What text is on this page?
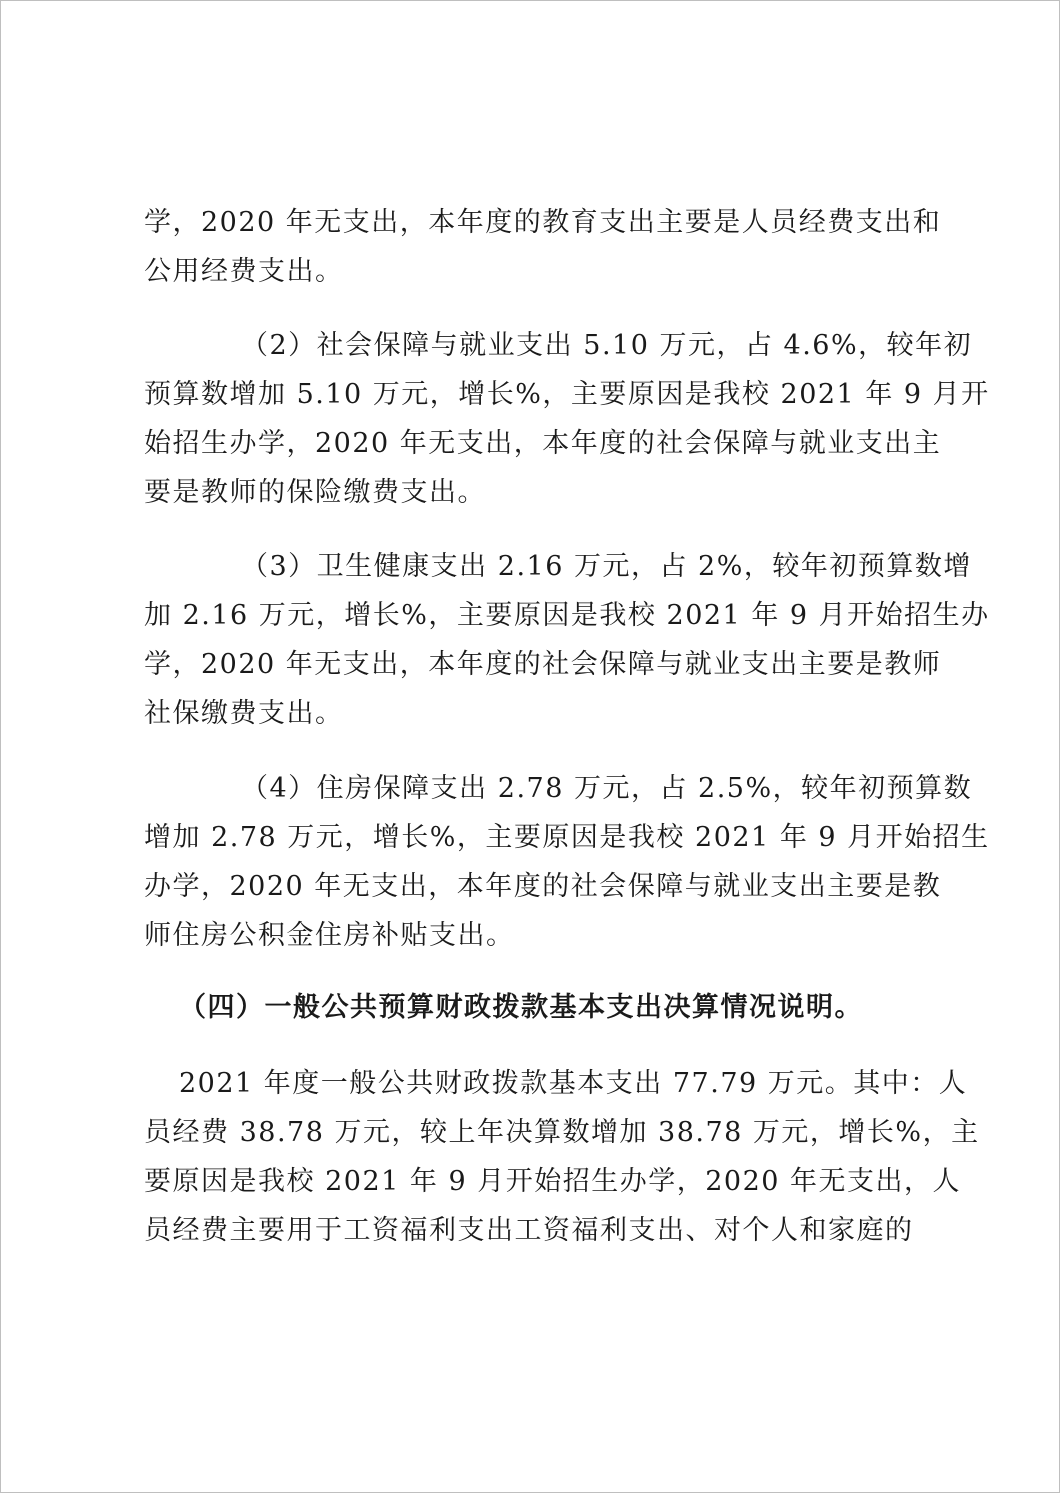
学，2020 年无支出，本年度的教育支出主要是人员经费支出和
公用经费支出。
（2）社会保障与就业支出 5.10 万元，占 4.6%，较年初
预算数增加 5.10 万元，增长%，主要原因是我校 2021 年 9 月开
始招生办学，2020 年无支出，本年度的社会保障与就业支出主
要是教师的保险缴费支出。
（3）卫生健康支出 2.16 万元，占 2%，较年初预算数增
加 2.16 万元，增长%，主要原因是我校 2021 年 9 月开始招生办
学，2020 年无支出，本年度的社会保障与就业支出主要是教师
社保缴费支出。
（4）住房保障支出 2.78 万元，占 2.5%，较年初预算数
增加 2.78 万元，增长%，主要原因是我校 2021 年 9 月开始招生
办学，2020 年无支出，本年度的社会保障与就业支出主要是教
师住房公积金住房补贴支出。
（四）一般公共预算财政拨款基本支出决算情况说明。
2021 年度一般公共财政拨款基本支出 77.79 万元。其中：人
员经费 38.78 万元，较上年决算数增加 38.78 万元，增长%，主
要原因是我校 2021 年 9 月开始招生办学，2020 年无支出，人
员经费主要用于工资福利支出工资福利支出、对个人和家庭的
